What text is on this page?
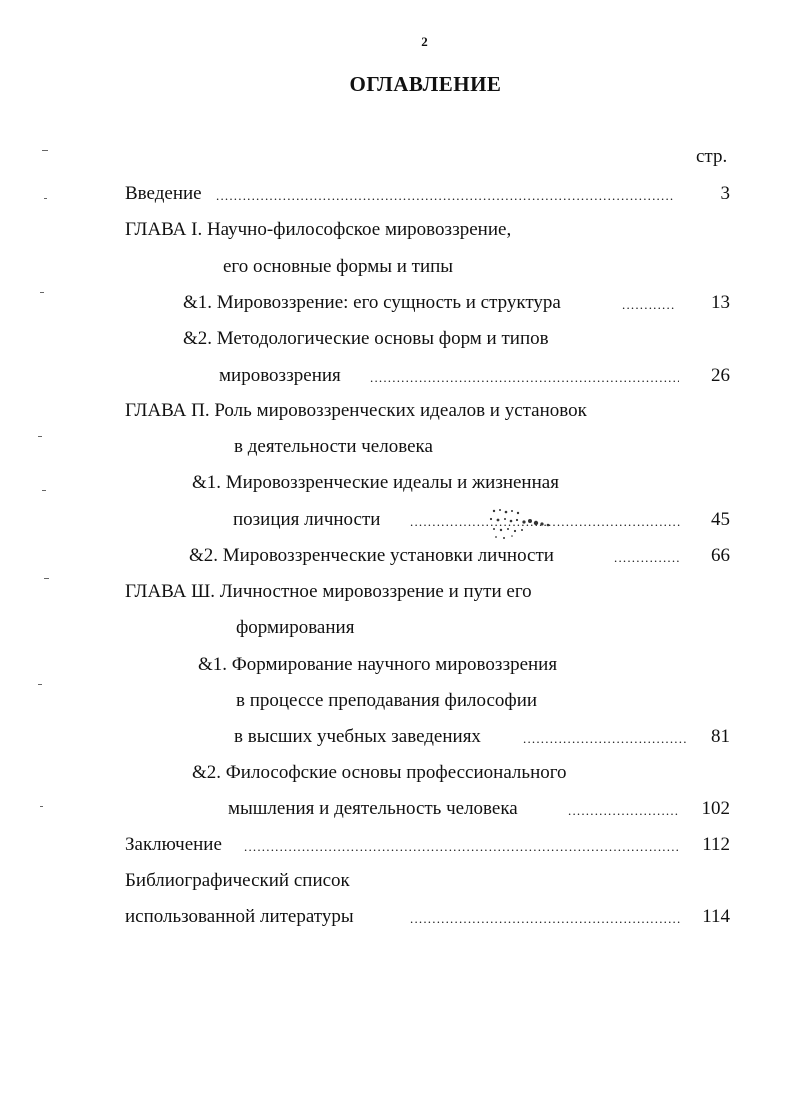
2
ОГЛАВЛЕНИЕ
стр.
Введение .....	3
ГЛАВА I. Научно-философское мировоззрение,
его основные формы и типы
&1. Мировоззрение: его сущность и структура .....	13
&2. Методологические основы форм и типов
мировоззрения .....	26
ГЛАВА П. Роль мировоззренческих идеалов и установок
в деятельности человека
&1. Мировоззренческие идеалы и жизненная
позиция личности .....	45
&2. Мировоззренческие установки личности .....	66
ГЛАВА Ш. Личностное мировоззрение и пути его
формирования
&1. Формирование научного мировоззрения
в процессе преподавания философии
в высших учебных заведениях .....	81
&2. Философские основы профессионального
мышления и деятельность человека .....	102
Заключение .....	112
Библиографический список
использованной литературы .....	114
